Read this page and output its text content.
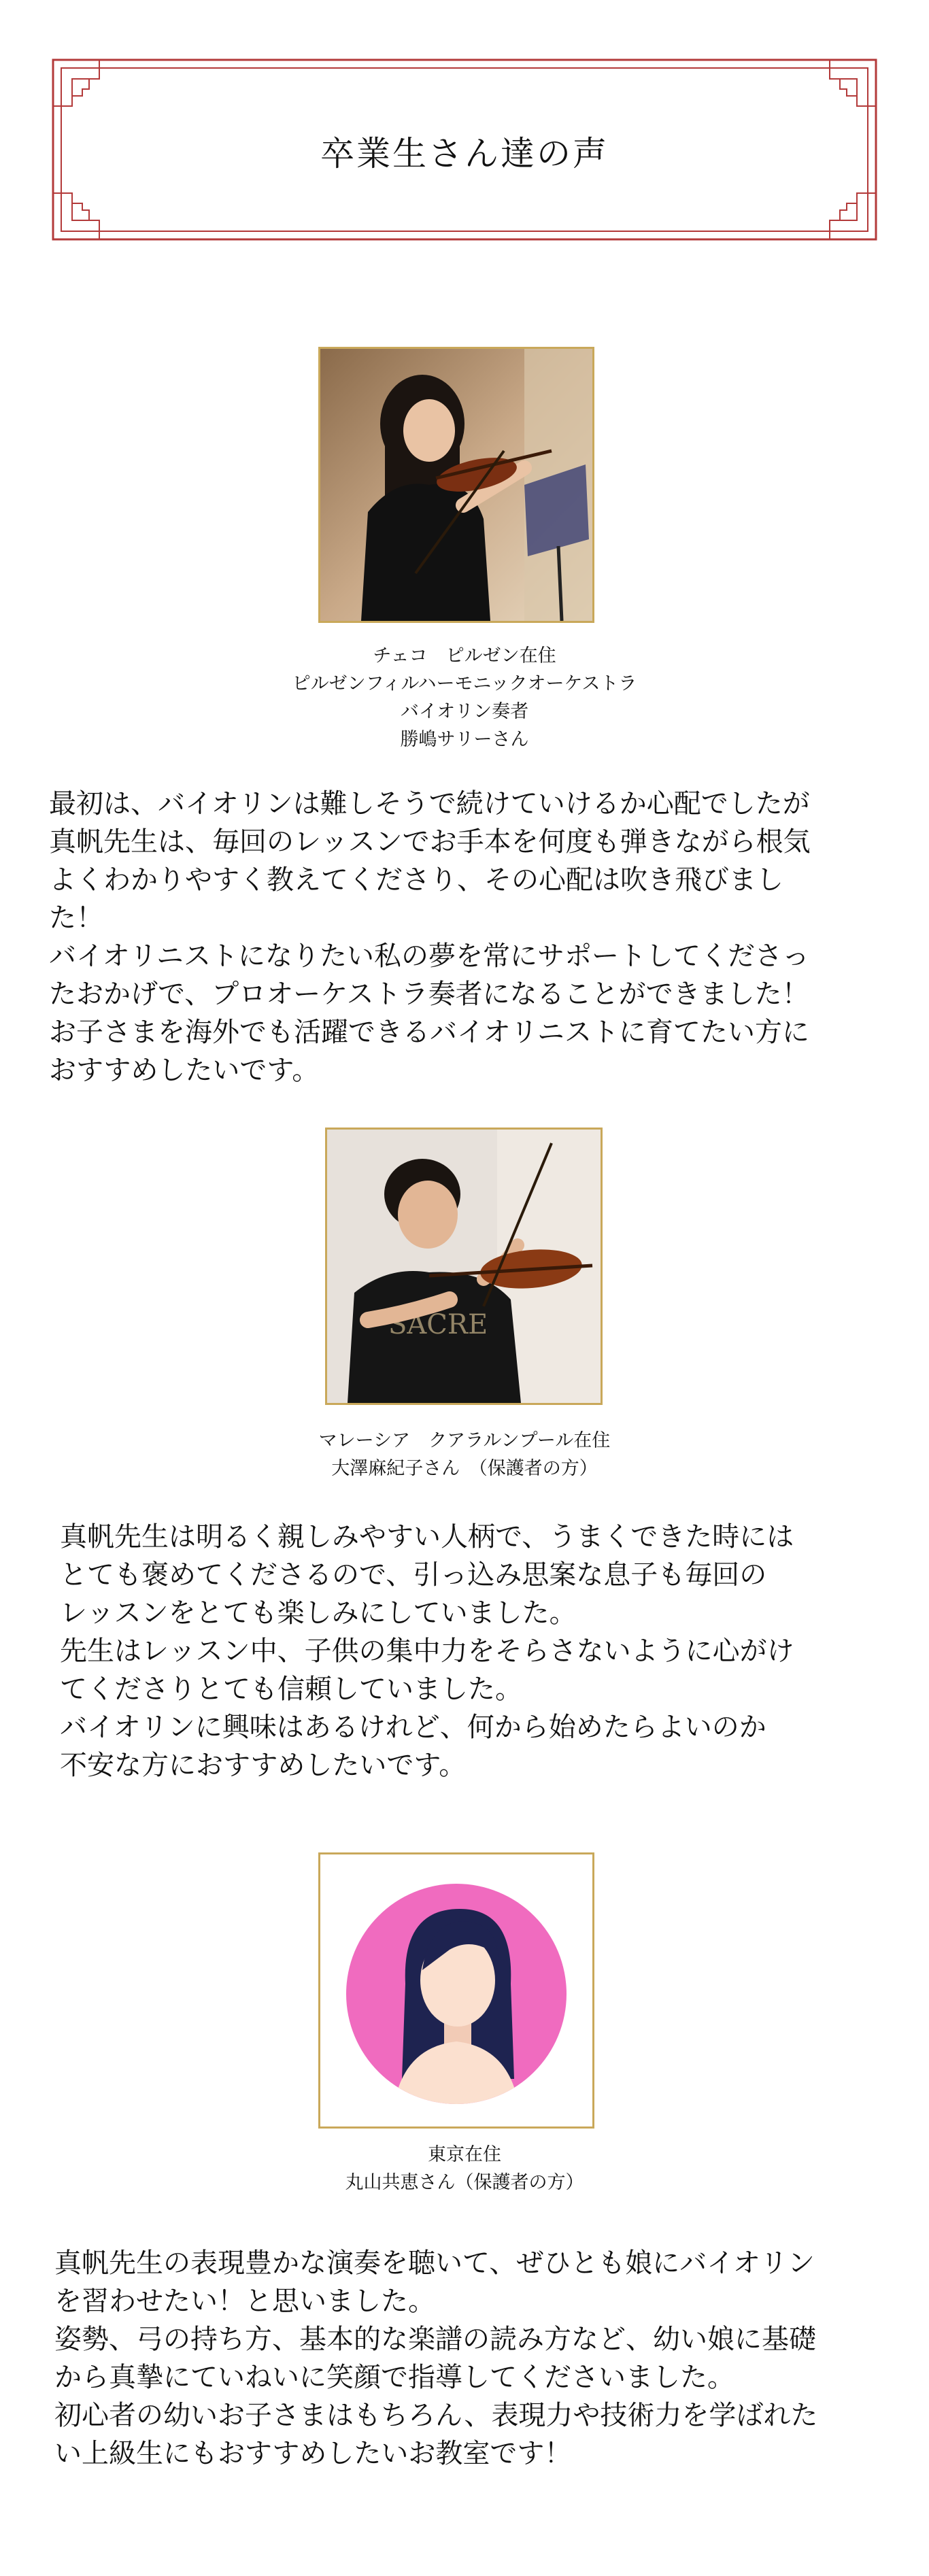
卒業生さん達の声
チェコ　ピルゼン在住
ピルゼンフィルハーモニックオーケストラ
バイオリン奏者
勝嶋サリーさん
最初は、バイオリンは難しそうで続けていけるか心配でしたが
真帆先生は、毎回のレッスンでお手本を何度も弾きながら根気
よくわかりやすく教えてくださり、その心配は吹き飛びまし
た！
バイオリニストになりたい私の夢を常にサポートしてくださっ
たおかげで、プロオーケストラ奏者になることができました！
お子さまを海外でも活躍できるバイオリニストに育てたい方に
おすすめしたいです。
SACRE
マレーシア　クアラルンプール在住
大澤麻紀子さん　（保護者の方）
真帆先生は明るく親しみやすい人柄で、うまくできた時には
とても褒めてくださるので、引っ込み思案な息子も毎回の
レッスンをとても楽しみにしていました。
先生はレッスン中、子供の集中力をそらさないように心がけ
てくださりとても信頼していました。
バイオリンに興味はあるけれど、何から始めたらよいのか
不安な方におすすめしたいです。
東京在住
丸山共恵さん（保護者の方）
真帆先生の表現豊かな演奏を聴いて、ぜひとも娘にバイオリン
を習わせたい！と思いました。
姿勢、弓の持ち方、基本的な楽譜の読み方など、幼い娘に基礎
から真摯にていねいに笑顔で指導してくださいました。
初心者の幼いお子さまはもちろん、表現力や技術力を学ばれた
い上級生にもおすすめしたいお教室です！
